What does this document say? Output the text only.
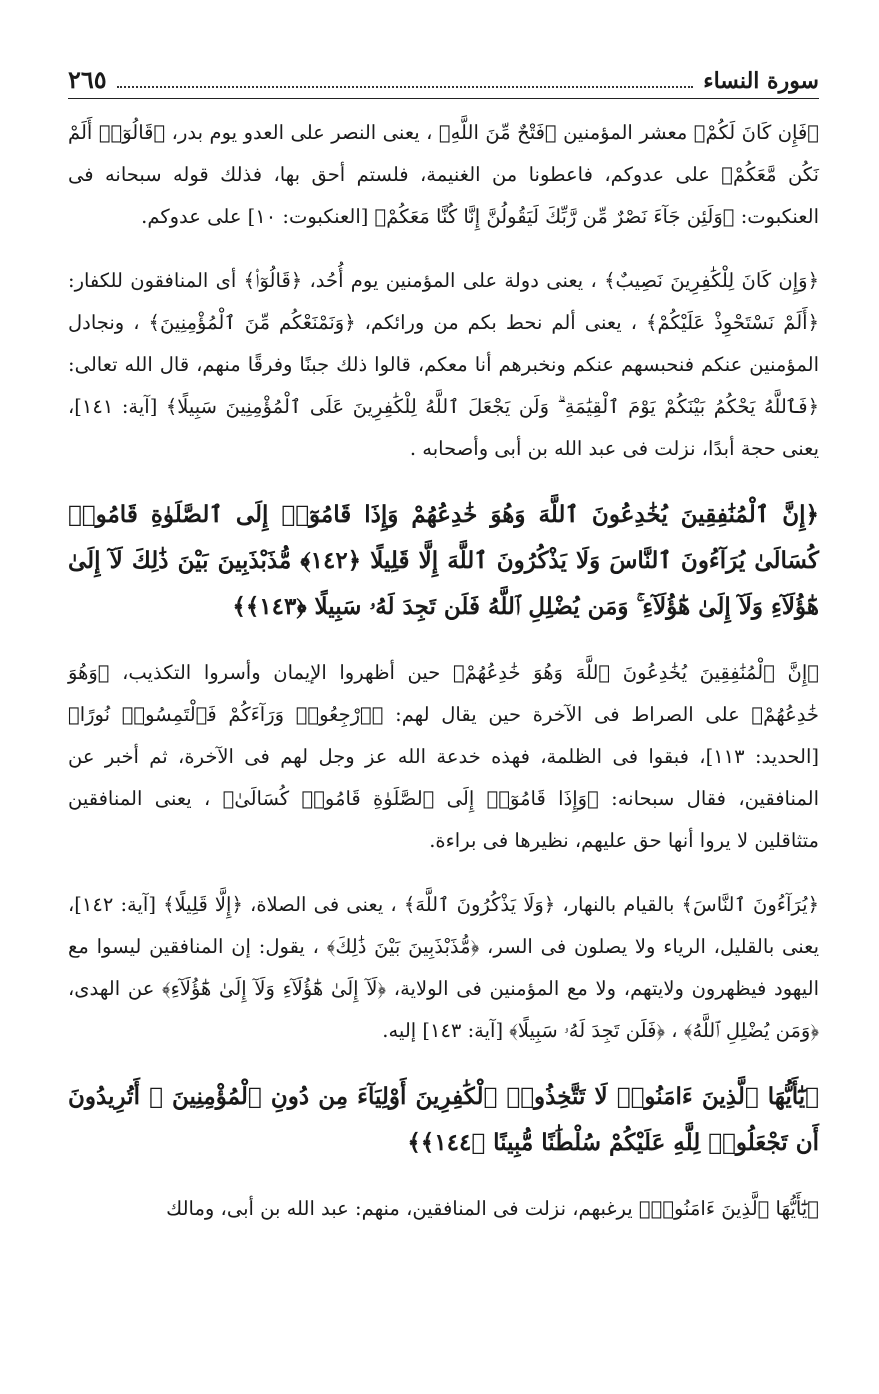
سورة النساء
٢٦٥

﴿فَإِن كَانَ لَكُمْ﴾ معشر المؤمنين ﴿فَتْحٌ مِّنَ اللَّهِ﴾ ، يعنى النصر على العدو يوم بدر، ﴿قَالُوٓا۟ أَلَمْ نَكُن مَّعَكُمْ﴾ على عدوكم، فاعطونا من الغنيمة، فلستم أحق بها، فذلك قوله سبحانه فى العنكبوت: ﴿وَلَئِن جَآءَ نَصْرٌ مِّن رَّبِّكَ لَيَقُولُنَّ إِنَّا كُنَّا مَعَكُمْ﴾ [العنكبوت: ١٠] على عدوكم.

﴿وَإِن كَانَ لِلْكَٰفِرِينَ نَصِيبٌ﴾ ، يعنى دولة على المؤمنين يوم أُحُد، ﴿قَالُوٓا۟﴾ أى المنافقون للكفار: ﴿أَلَمْ نَسْتَحْوِذْ عَلَيْكُمْ﴾ ، يعنى ألم نحط بكم من ورائكم، ﴿وَنَمْنَعْكُم مِّنَ ٱلْمُؤْمِنِينَ﴾ ، ونجادل المؤمنين عنكم فنحبسهم عنكم ونخبرهم أنا معكم، قالوا ذلك جبنًا وفرقًا منهم، قال الله تعالى: ﴿فَٱللَّهُ يَحْكُمُ بَيْنَكُمْ يَوْمَ ٱلْقِيَٰمَةِ ۗ وَلَن يَجْعَلَ ٱللَّهُ لِلْكَٰفِرِينَ عَلَى ٱلْمُؤْمِنِينَ سَبِيلًا﴾ [آية: ١٤١]، يعنى حجة أبدًا، نزلت فى عبد الله بن أبى وأصحابه .

﴿إِنَّ ٱلْمُنَٰفِقِينَ يُخَٰدِعُونَ ٱللَّهَ وَهُوَ خَٰدِعُهُمْ وَإِذَا قَامُوٓا۟ إِلَى ٱلصَّلَوٰةِ قَامُوا۟ كُسَالَىٰ يُرَآءُونَ ٱلنَّاسَ وَلَا يَذْكُرُونَ ٱللَّهَ إِلَّا قَلِيلًا ﴿١٤٢﴾ مُّذَبْذَبِينَ بَيْنَ ذَٰلِكَ لَآ إِلَىٰ هَٰٓؤُلَآءِ وَلَآ إِلَىٰ هَٰٓؤُلَآءِ ۚ وَمَن يُضْلِلِ ٱللَّهُ فَلَن تَجِدَ لَهُۥ سَبِيلًا ﴿١٤٣﴾﴾

﴿إِنَّ ٱلْمُنَٰفِقِينَ يُخَٰدِعُونَ ٱللَّهَ وَهُوَ خَٰدِعُهُمْ﴾ حين أظهروا الإيمان وأسروا التكذيب، ﴿وَهُوَ خَٰدِعُهُمْ﴾ على الصراط فى الآخرة حين يقال لهم: ﴿ٱرْجِعُوا۟ وَرَآءَكُمْ فَٱلْتَمِسُوا۟ نُورًا﴾ [الحديد: ١١٣]، فبقوا فى الظلمة، فهذه خدعة الله عز وجل لهم فى الآخرة، ثم أخبر عن المنافقين، فقال سبحانه: ﴿وَإِذَا قَامُوٓا۟ إِلَى ٱلصَّلَوٰةِ قَامُوا۟ كُسَالَىٰ﴾ ، يعنى المنافقين متثاقلين لا يروا أنها حق عليهم، نظيرها فى براءة.

﴿يُرَآءُونَ ٱلنَّاسَ﴾ بالقيام بالنهار، ﴿وَلَا يَذْكُرُونَ ٱللَّهَ﴾ ، يعنى فى الصلاة، ﴿إِلَّا قَلِيلًا﴾ [آية: ١٤٢]، يعنى بالقليل، الرياء ولا يصلون فى السر، ﴿مُّذَبْذَبِينَ بَيْنَ ذَٰلِكَ﴾ ، يقول: إن المنافقين ليسوا مع اليهود فيظهرون ولايتهم، ولا مع المؤمنين فى الولاية، ﴿لَآ إِلَىٰ هَٰٓؤُلَآءِ وَلَآ إِلَىٰ هَٰٓؤُلَآءِ﴾ عن الهدى، ﴿وَمَن يُضْلِلِ ٱللَّهُ﴾ ، ﴿فَلَن تَجِدَ لَهُۥ سَبِيلًا﴾ [آية: ١٤٣] إليه.

﴿يَٰٓأَيُّهَا ٱلَّذِينَ ءَامَنُوا۟ لَا تَتَّخِذُوا۟ ٱلْكَٰفِرِينَ أَوْلِيَآءَ مِن دُونِ ٱلْمُؤْمِنِينَ ۚ أَتُرِيدُونَ أَن تَجْعَلُوا۟ لِلَّهِ عَلَيْكُمْ سُلْطَٰنًا مُّبِينًا ﴿١٤٤﴾﴾

﴿يَٰٓأَيُّهَا ٱلَّذِينَ ءَامَنُوا۟﴾ يرغبهم، نزلت فى المنافقين، منهم: عبد الله بن أبى، ومالك
